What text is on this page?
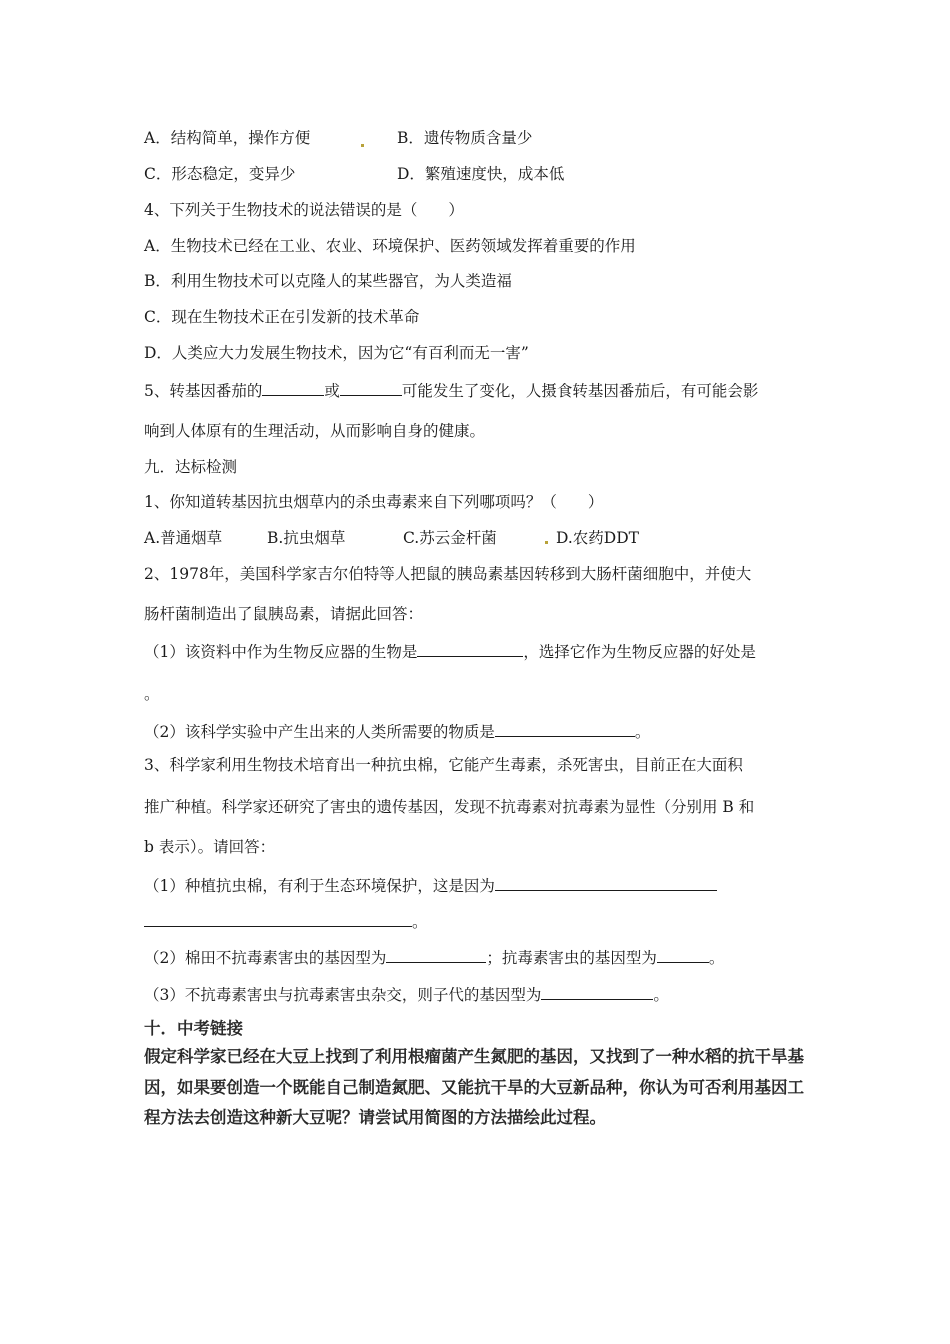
A．结构简单，操作方便	B．遗传物质含量少
C．形态稳定，变异少	D．繁殖速度快，成本低
4、下列关于生物技术的说法错误的是（　　）
A．生物技术已经在工业、农业、环境保护、医药领域发挥着重要的作用
B．利用生物技术可以克隆人的某些器官，为人类造福
C．现在生物技术正在引发新的技术革命
D．人类应大力发展生物技术，因为它“有百利而无一害”
5、转基因番茄的	或	可能发生了变化，人摄食转基因番茄后，有可能会影
响到人体原有的生理活动，从而影响自身的健康。
九．达标检测
1、你知道转基因抗虫烟草内的杀虫毒素来自下列哪项吗？（　　）
A.普通烟草	B.抗虫烟草	C.苏云金杆菌	D.农药DDT
2、1978年，美国科学家吉尔伯特等人把鼠的胰岛素基因转移到大肠杆菌细胞中，并使大
肠杆菌制造出了鼠胰岛素，请据此回答：
（1）该资料中作为生物反应器的生物是	，选择它作为生物反应器的好处是
。
（2）该科学实验中产生出来的人类所需要的物质是	。
3、科学家利用生物技术培育出一种抗虫棉，它能产生毒素，杀死害虫，目前正在大面积
推广种植。科学家还研究了害虫的遗传基因，发现不抗毒素对抗毒素为显性（分别用 B 和
b 表示）。请回答：
（1）种植抗虫棉，有利于生态环境保护，这是因为
。
（2）棉田不抗毒素害虫的基因型为	；抗毒素害虫的基因型为	。
（3）不抗毒素害虫与抗毒素害虫杂交，则子代的基因型为	。
十．中考链接
假定科学家已经在大豆上找到了利用根瘤菌产生氮肥的基因，又找到了一种水稻的抗干旱基
因，如果要创造一个既能自己制造氮肥、又能抗干旱的大豆新品种，你认为可否利用基因工
程方法去创造这种新大豆呢？请尝试用简图的方法描绘此过程。
